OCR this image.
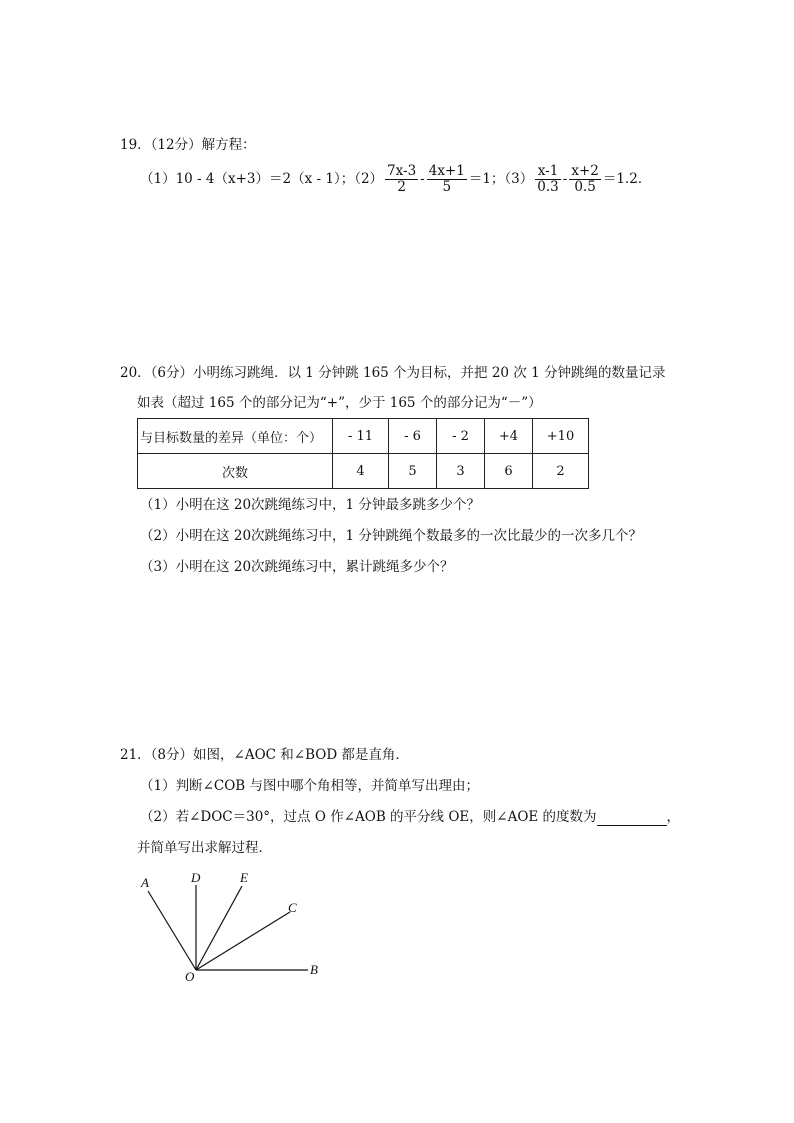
19．（12分）解方程：
（1）10 - 4（x+3）＝2（x - 1）；$(2) \frac{7x-3}{2} - \frac{4x+1}{5} =1$；$(3) \frac{x-1}{0.3} - \frac{x+2}{0.5} =1.2$．
20．（6分）小明练习跳绳．以 1 分钟跳 165 个为目标，并把 20 次 1 分钟跳绳的数量记录
如表（超过 165 个的部分记为“+”，少于 165 个的部分记为“－”）
与目标数量的差异（单位：个）	- 11	- 6	- 2	+4	+10
次数	4	5	3	6	2
（1）小明在这 20次跳绳练习中，1 分钟最多跳多少个？
（2）小明在这 20次跳绳练习中，1 分钟跳绳个数最多的一次比最少的一次多几个？
（3）小明在这 20次跳绳练习中，累计跳绳多少个？
21．（8分）如图，∠AOC 和∠BOD 都是直角．
（1）判断∠COB 与图中哪个角相等，并简单写出理由；
（2）若∠DOC＝30°，过点 O 作∠AOB 的平分线 OE，则∠AOE 的度数为	，
并简单写出求解过程．
A	D	E
C
O	B
